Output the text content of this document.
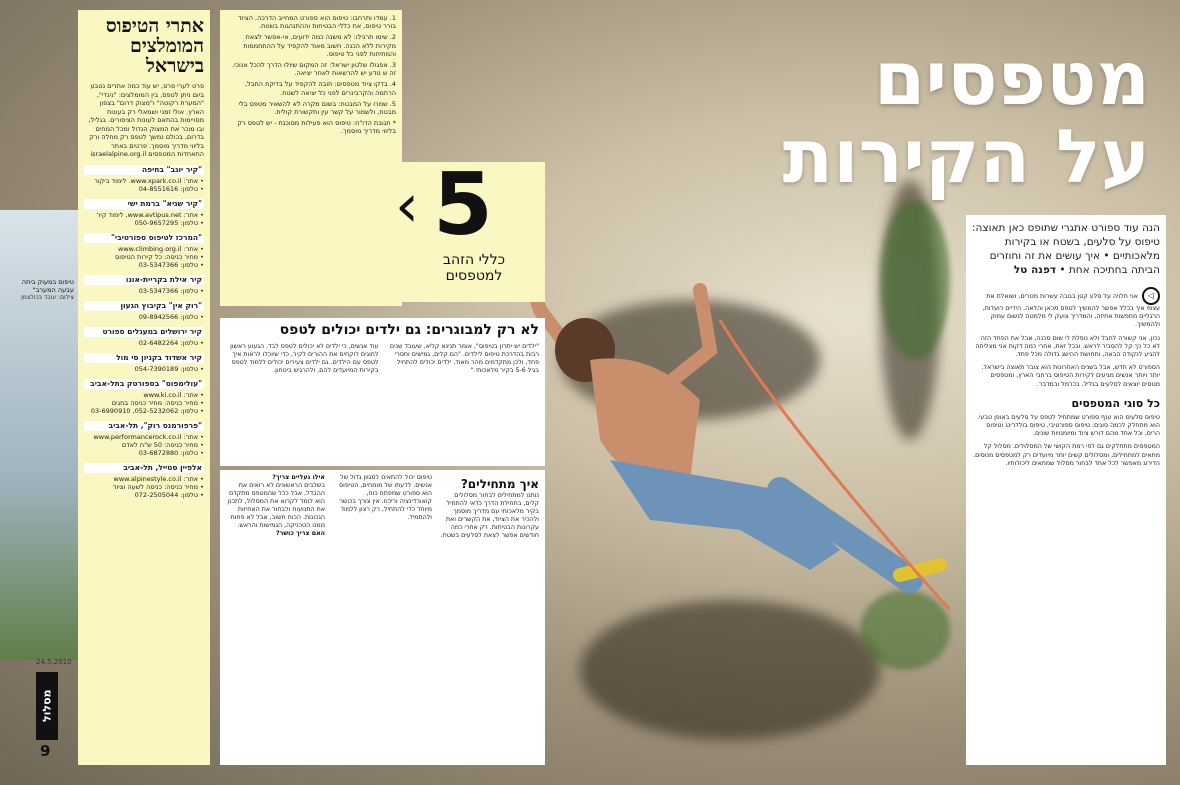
אתרי הטיפוס המומלצים בישראל

פרט לערי פרס, יש עוד כמה אתרים נטבע ביום ניתן לטפס, בין המומלצים: "ניגדי", "המערת רקוטה" ו"מצוק דרום" בצפון הארץ. אולי זמני ושמאלי רק בעונות מסויימות בהתאם לעונות הציפורים. בגליל, ובו מוכר את המצוק הגדול ומכל המחים בדרום, בכולם נמשך לטפס רק מחלה ורק בליווי מדריך מוסמך. פרטים באתר התאחדות המטפסים israelalpine.org.il

"קיר יוגב" בחיפה
• אתר: www.xpark.co.il. לימוד ביקור
• טלפון: 04-8551616
"קיר שגיא" ברמת ישי
• אתר: www.avtipus.net, לימוד קיר
• טלפון: 050-9657295
"המרכז לטיפוס ספורטיבי"
• אתר: www.climbing.org.il
• מחיר כניסה: כל קירות הטיפוס
• טלפון: 03-5347366
קיר אילת בקריית-אונו
• טלפון: 03-5347366
"רוק אין" בקיבוץ הגעון
• טלפון: 09-8942566
קיר ירושלים במעגלים ספורט
• טלפון: 02-6482264
קיר אשדוד בקניון סי מול
• טלפון: 054-7390189
"עולימפוס" בספורטק בתל-אביב
• אתר: www.ki.co.il
• מחיר כניסה: מחיר כניסה בחגים
• טלפון: 052-5232062, 03-6990910
"פרפורמנס רוק", תל-אביב
• אתר: www.performancerock.co.il
• מחיר כניסה: 50 ש"ח לאדם
• טלפון: 03-6872880
אלפיין סטייל, תל-אביב
• אתר: www.alpinestyle.co.il
• מחיר כניסה: כניסה לשעה וציוד
• טלפון: 072-2505044
טיפוס במעוק ביתה עבעה המערב"
צילום: עובד בכולצמן
24.5.2010
מסלול
9

1. עמדו ותרחבו: טיפוס הוא ספורט המחייב הדרכה, הציוד בורר טיפוס, את כללי הבטיחות וההתנהגות בשטח.

2. שימו תרגילו: לא משנה כמה ידועים, אי-אפשר לצאת מקירות ללא הכנה. חשוב מאוד להקפיד על ההתחממות והמתיחות לפני כל טיפוס.

3. אפגולו שלטון ישראל: זה המקום שיולו הדרך להכל אנוכי. זה ש נודע יש להרשאות לאחר יציאה.

4. בדקו ציוד מטפסים: חובה להקפיד על בדיקת החבל, הרתמה והקרבינרים לפני כל יציאה לשטח.

5. שמרו על המבטח: בשום מקרה לא להשאיר מטפס בלי מבטח, ולשמור על קשר עין ותקשורת קולית.

* תגובת הדו"ח: טיפוס הוא פעילות מסוכנת - יש לטפס רק בליווי מדריך מוסמך.

‹ 5
כללי הזהב למטפסים
לא רק למבוגרים: גם ילדים יכולים לטפס
"ילדים יש יתרון בטיפוס", אומר תנינא קליא, שעובד שנים רבות בהדרכת טיפוס לילדים. "הם קלים, גמישים וחסרי פחד, ולכן מתקדמים מהר מאוד. ילדים יכולים להתחיל בגיל 5-6 בקיר מלאכותי."
עוד אנשים, כי ילדים לא יכולים לטפס לבד. הגעוע ראשון לחוגים לוקחים את ההורים לקיר, כדי שיוכלו לראות איך לטפס עם הילדים. גם ילדים צעירים יכולים ללמוד לטפס בקירות המיועדים להם, ולהרגיש ביטחון.
איך מתחילים?
נותנו למתחילים לבחור מסלולים קלים, בתחילת הדרך כדאי להתחיל בקיר מלאכותי עם מדריך מוסמך ולהכיר את הציוד, את הקשרים ואת עקרונות הבטיחות. רק אחרי כמה חודשים אפשר לצאת לסלעים בשטח.
טיפוס יכול להתאים למגוון גדול של אנשים. לדעתו של מומחים, הטיפוס הוא ספורט שמפתח כוח, קואורדינציה וריכוז. אין צורך בכושר מיוחד כדי להתחיל, רק רצון ללמוד ולהתמיד.
אילו נעליים צריך?
בשלבים הראשונים לא רואים את ההבדל, אבל ככל שהמטפס מתקדם הוא לומד לקרוא את המסלול, לתכנן את התנועות ולבחור את האחיזות הנכונות. הכוח חשוב, אבל לא פחות ממנו הטכניקה, הגמישות והראש.
האם צריך כושר?
מטפסים
על הקירות
הנה עוד ספורט אתגרי שתופס כאן תאוצה: טיפוס על סלעים, בשטח או בקירות מלאכותיים • איך עושים את זה וחוזרים הביתה בחתיכה אחת • דפנה טל

◁אני תלויה על סלע קטן בגובה עשרות מטרים, ושואלת את עצמי איך בכלל אפשר להמשיך לטפס מכאן והלאה. הידיים רועדות, הרגליים מחפשות אחיזה, והמדריך צועק לי מלמטה לנשום עמוק ולהמשיך.

נכון, אני קשורה לחבל ולא נופלת לי שום סכנה, אבל את הפחד הזה לא כל כך קל להסביר לראש. ובכל זאת, אחרי כמה דקות אני מצליחה להגיע לנקודה הבאה, ותחושת ההישג גדולה מכל פחד.

הספורט לא חדש, אבל בשנים האחרונות הוא צובר תאוצה בישראל. יותר ויותר אנשים מגיעים לקירות הטיפוס ברחבי הארץ, ומטפסים מנוסים יוצאים לסלעים בגליל, בכרמל ובמדבר.

כל סוגי המטפסים

טיפוס סלעים הוא ענף ספורט שמתחיל לטפס על סלעים באופן טבעי. הוא מתחלק לכמה סוגים: טיפוס ספורטיבי, טיפוס בולדרינג וטיפוס הרים, וכל אחד מהם דורש ציוד ומיומנויות שונים.

המטפסים מתחלקים גם לפי רמת הקושי של המסלולים. מסלול קל מתאים למתחילים, ומסלולים קשים יותר מיועדים רק למטפסים מנוסים. הדירוג מאפשר לכל אחד לבחור מסלול שמתאים ליכולותיו.
